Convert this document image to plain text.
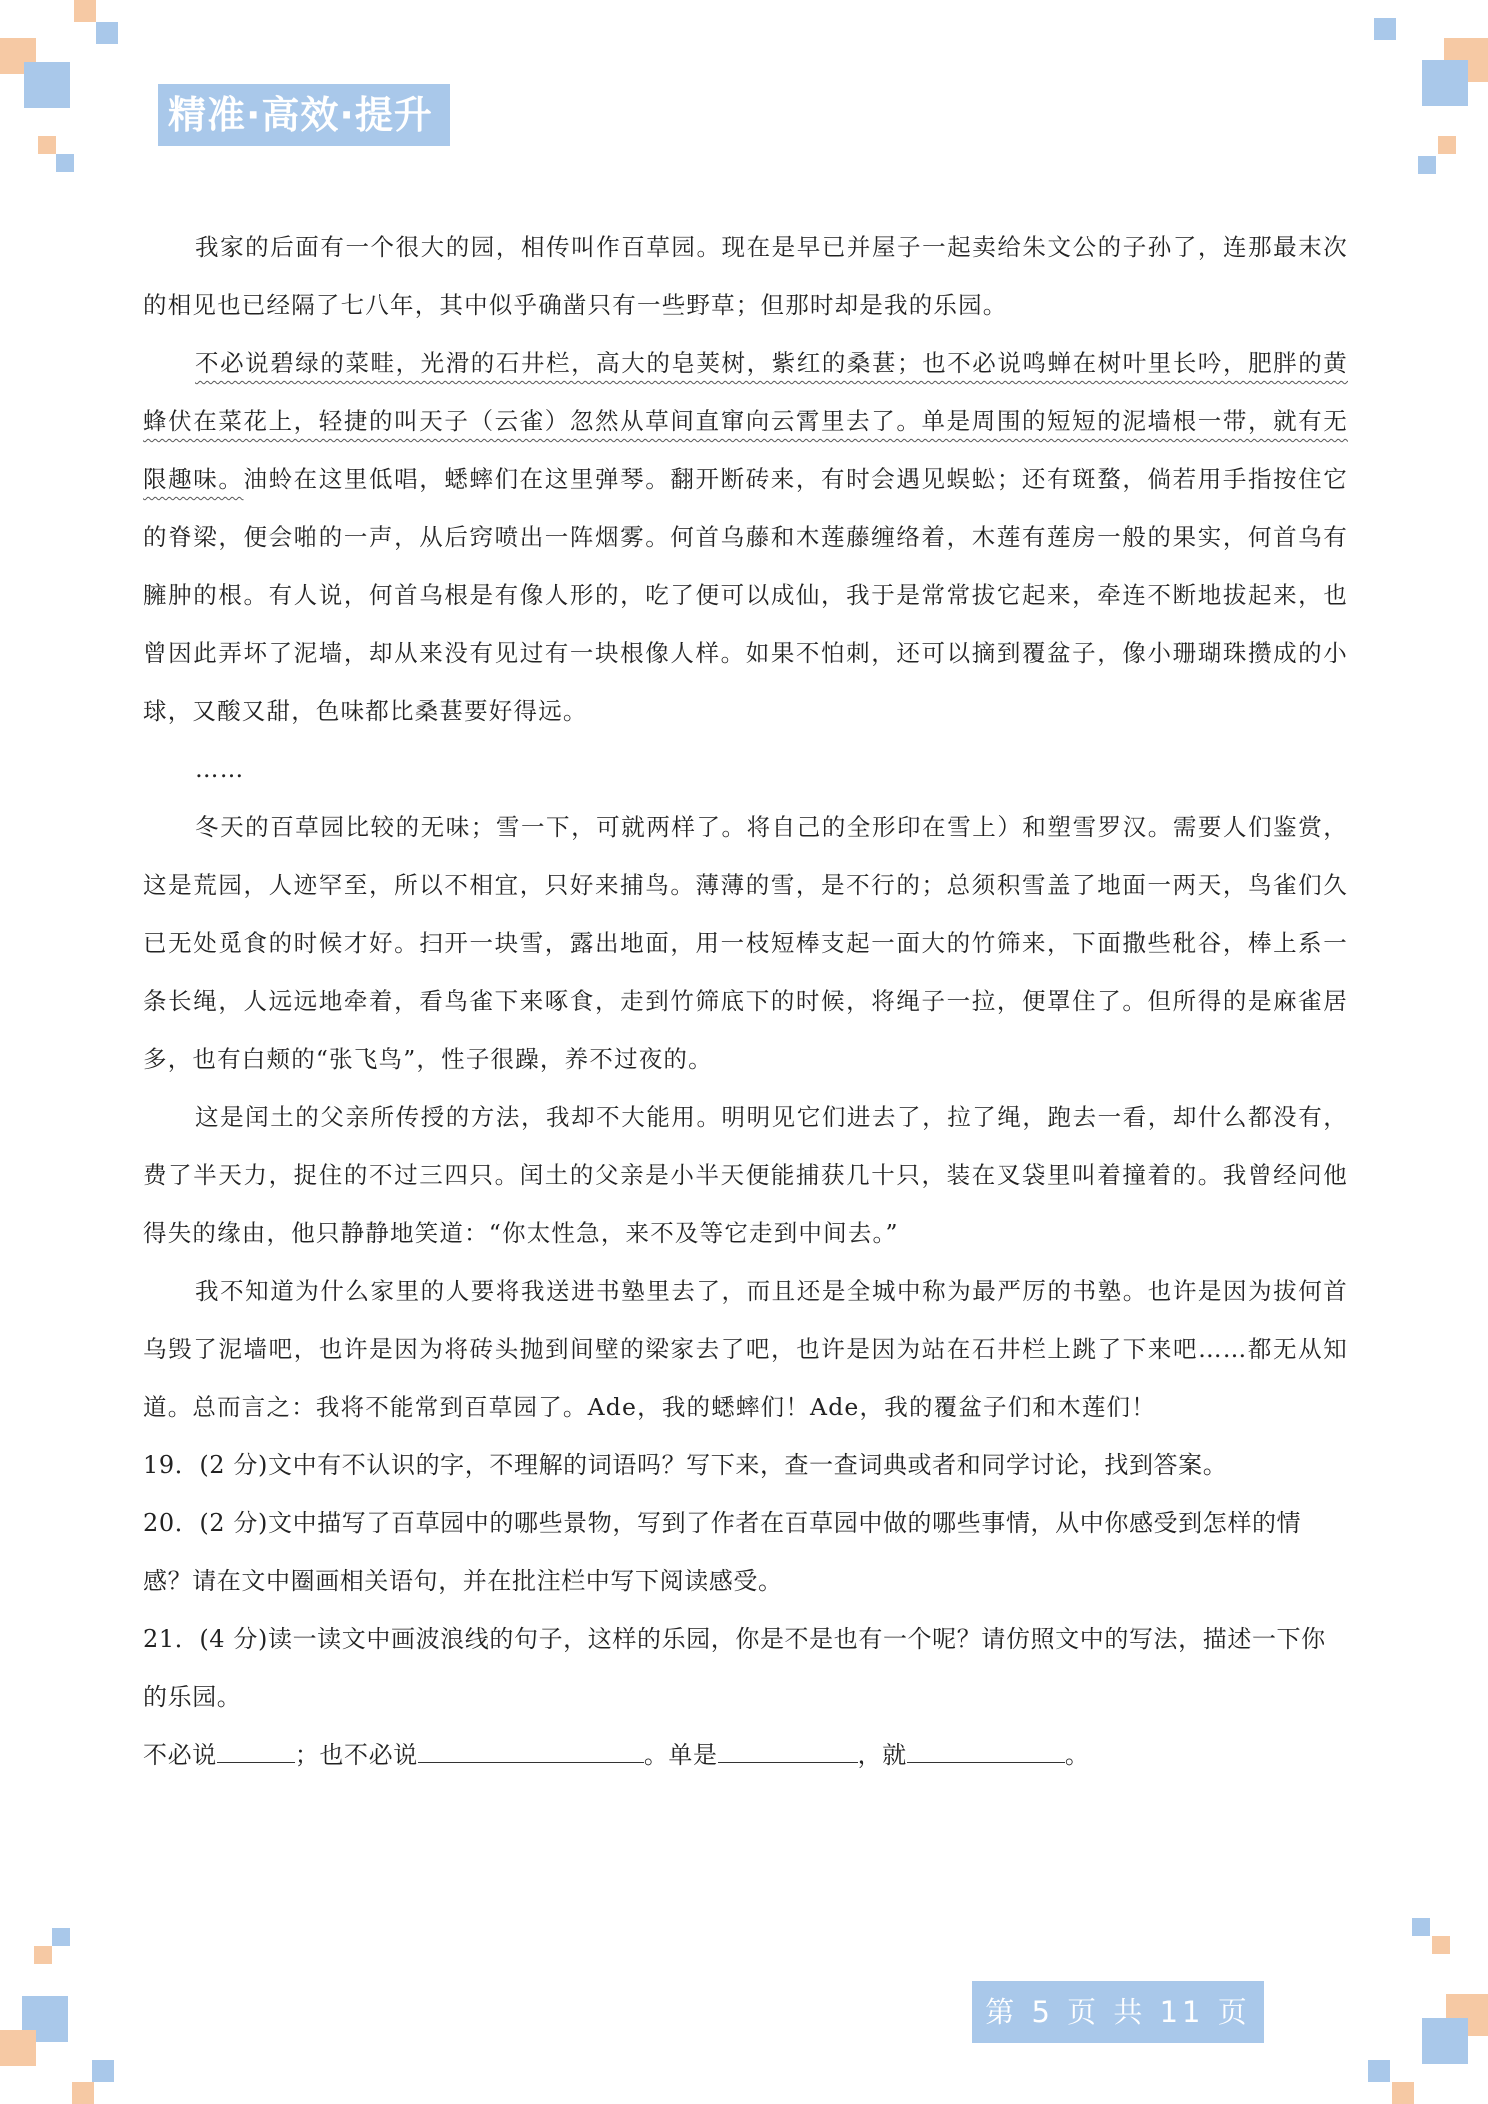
精准·高效·提升

我家的后面有一个很大的园，相传叫作百草园。现在是早已并屋子一起卖给朱文公的子孙了，连那最末次的相见也已经隔了七八年，其中似乎确凿只有一些野草；但那时却是我的乐园。

不必说碧绿的菜畦，光滑的石井栏，高大的皂荚树，紫红的桑葚；也不必说鸣蝉在树叶里长吟，肥胖的黄蜂伏在菜花上，轻捷的叫天子（云雀）忽然从草间直窜向云霄里去了。单是周围的短短的泥墙根一带，就有无限趣味。油蛉在这里低唱，蟋蟀们在这里弹琴。翻开断砖来，有时会遇见蜈蚣；还有斑蝥，倘若用手指按住它的脊梁，便会啪的一声，从后窍喷出一阵烟雾。何首乌藤和木莲藤缠络着，木莲有莲房一般的果实，何首乌有臃肿的根。有人说，何首乌根是有像人形的，吃了便可以成仙，我于是常常拔它起来，牵连不断地拔起来，也曾因此弄坏了泥墙，却从来没有见过有一块根像人样。如果不怕刺，还可以摘到覆盆子，像小珊瑚珠攒成的小球，又酸又甜，色味都比桑葚要好得远。

……

冬天的百草园比较的无味；雪一下，可就两样了。将自己的全形印在雪上）和塑雪罗汉。需要人们鉴赏，这是荒园，人迹罕至，所以不相宜，只好来捕鸟。薄薄的雪，是不行的；总须积雪盖了地面一两天，鸟雀们久已无处觅食的时候才好。扫开一块雪，露出地面，用一枝短棒支起一面大的竹筛来，下面撒些秕谷，棒上系一条长绳，人远远地牵着，看鸟雀下来啄食，走到竹筛底下的时候，将绳子一拉，便罩住了。但所得的是麻雀居多，也有白颊的“张飞鸟”，性子很躁，养不过夜的。

这是闰土的父亲所传授的方法，我却不大能用。明明见它们进去了，拉了绳，跑去一看，却什么都没有，费了半天力，捉住的不过三四只。闰土的父亲是小半天便能捕获几十只，装在叉袋里叫着撞着的。我曾经问他得失的缘由，他只静静地笑道：“你太性急，来不及等它走到中间去。”

我不知道为什么家里的人要将我送进书塾里去了，而且还是全城中称为最严厉的书塾。也许是因为拔何首乌毁了泥墙吧，也许是因为将砖头抛到间壁的梁家去了吧，也许是因为站在石井栏上跳了下来吧……都无从知道。总而言之：我将不能常到百草园了。Ade，我的蟋蟀们！Ade，我的覆盆子们和木莲们！

19．(2 分)文中有不认识的字，不理解的词语吗？写下来，查一查词典或者和同学讨论，找到答案。

20．(2 分)文中描写了百草园中的哪些景物，写到了作者在百草园中做的哪些事情，从中你感受到怎样的情感？请在文中圈画相关语句，并在批注栏中写下阅读感受。

21．(4 分)读一读文中画波浪线的句子，这样的乐园，你是不是也有一个呢？请仿照文中的写法，描述一下你的乐园。

不必说	；也不必说	。单是	，就	。

第 5 页 共 11 页
